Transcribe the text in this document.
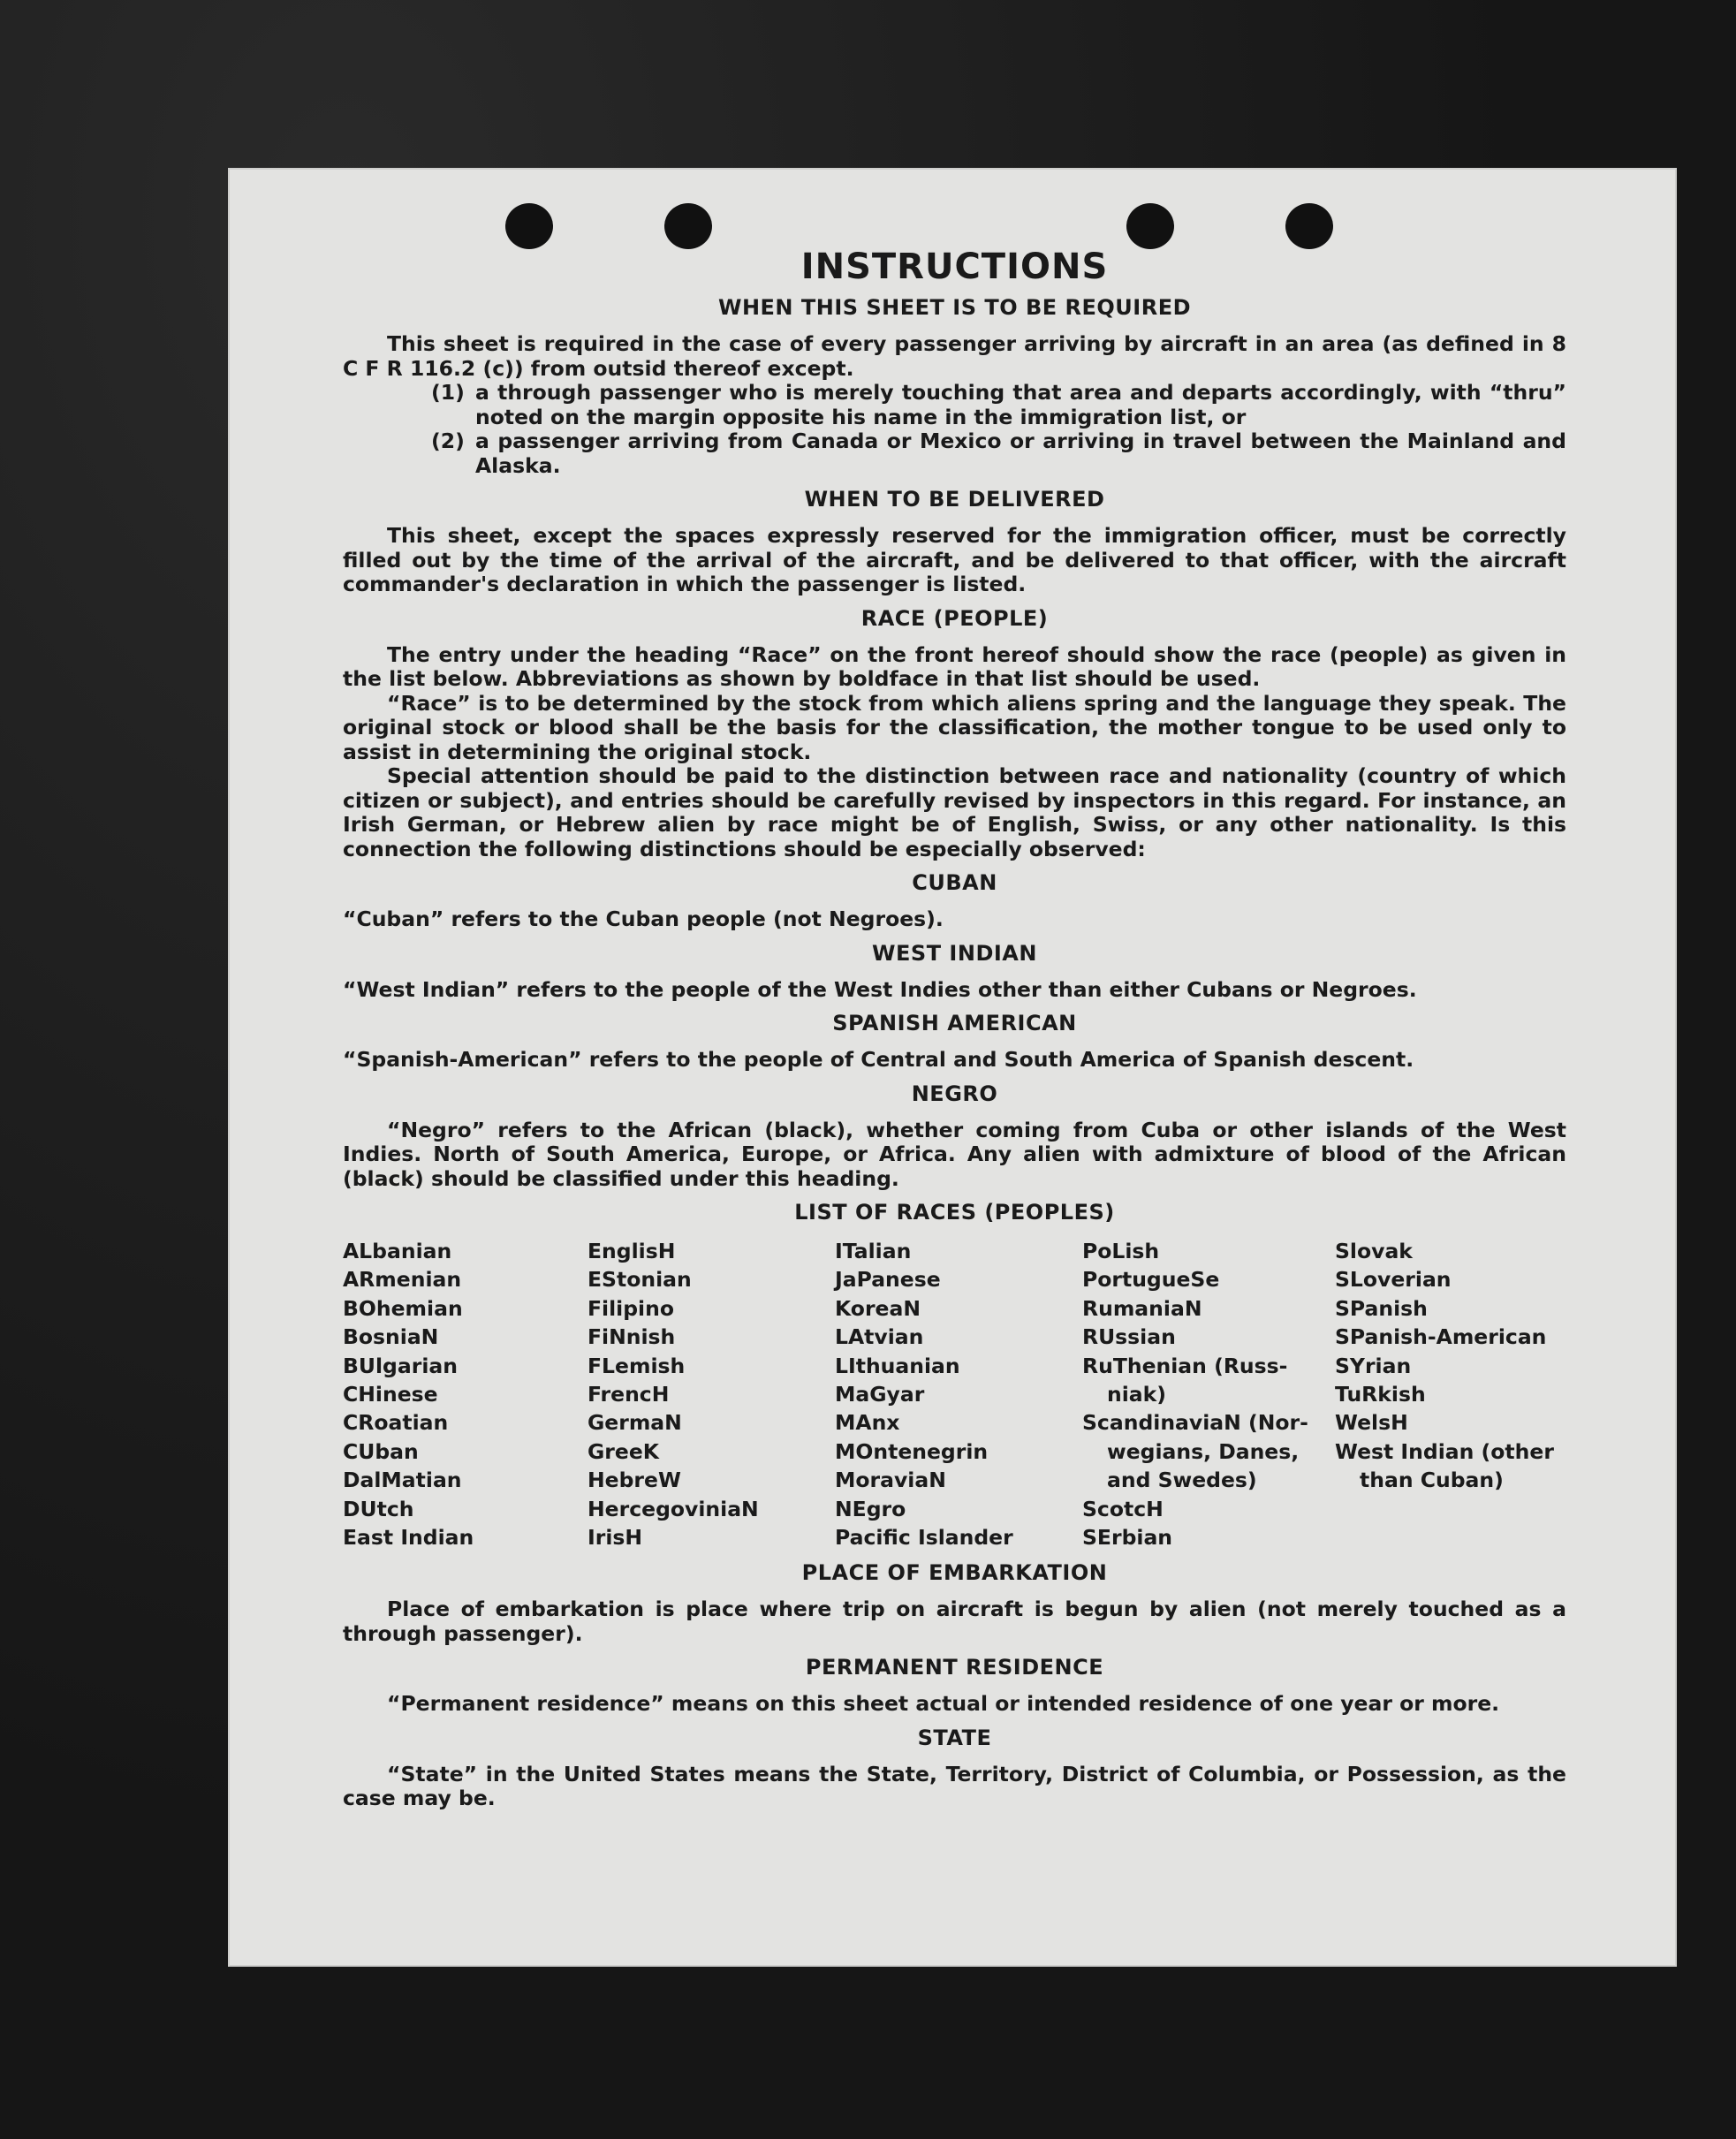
INSTRUCTIONS
WHEN THIS SHEET IS TO BE REQUIRED

This sheet is required in the case of every passenger arriving by aircraft in an area (as defined in 8 C F R 116.2 (c)) from outsid thereof except.

(1) a through passenger who is merely touching that area and departs accordingly, with “thru” noted on the margin opposite his name in the immigration list, or
(2) a passenger arriving from Canada or Mexico or arriving in travel between the Mainland and Alaska.
WHEN TO BE DELIVERED

This sheet, except the spaces expressly reserved for the immigration officer, must be correctly filled out by the time of the arrival of the aircraft, and be delivered to that officer, with the aircraft commander's declaration in which the passenger is listed.

RACE (PEOPLE)

The entry under the heading “Race” on the front hereof should show the race (people) as given in the list below. Abbreviations as shown by boldface in that list should be used.

“Race” is to be determined by the stock from which aliens spring and the language they speak. The original stock or blood shall be the basis for the classification, the mother tongue to be used only to assist in determining the original stock.

Special attention should be paid to the distinction between race and nationality (country of which citizen or subject), and entries should be carefully revised by inspectors in this regard. For instance, an Irish German, or Hebrew alien by race might be of English, Swiss, or any other nationality. Is this connection the following distinctions should be especially observed:

CUBAN

“Cuban” refers to the Cuban people (not Negroes).

WEST INDIAN

“West Indian” refers to the people of the West Indies other than either Cubans or Negroes.

SPANISH AMERICAN

“Spanish-American” refers to the people of Central and South America of Spanish descent.

NEGRO

“Negro” refers to the African (black), whether coming from Cuba or other islands of the West Indies. North of South America, Europe, or Africa. Any alien with admixture of blood of the African (black) should be classified under this heading.

LIST OF RACES (PEOPLES)
ALbanian
ARmenian
BOhemian
BosniaN
BUlgarian
CHinese
CRoatian
CUban
DalMatian
DUtch
East Indian
EnglisH
EStonian
Filipino
FiNnish
FLemish
FrencH
GermaN
GreeK
HebreW
HercegoviniaN
IrisH
ITalian
JaPanese
KoreaN
LAtvian
LIthuanian
MaGyar
MAnx
MOntenegrin
MoraviaN
NEgro
Pacific Islander
PoLish
PortugueSe
RumaniaN
RUssian
RuThenian (Russ-
niak)
ScandinaviaN (Nor-
wegians, Danes,
and Swedes)
ScotcH
SErbian
Slovak
SLoverian
SPanish
SPanish-American
SYrian
TuRkish
WelsH
West Indian (other
than Cuban)
PLACE OF EMBARKATION

Place of embarkation is place where trip on aircraft is begun by alien (not merely touched as a through passenger).

PERMANENT RESIDENCE

“Permanent residence” means on this sheet actual or intended residence of one year or more.

STATE

“State” in the United States means the State, Territory, District of Columbia, or Possession, as the case may be.
